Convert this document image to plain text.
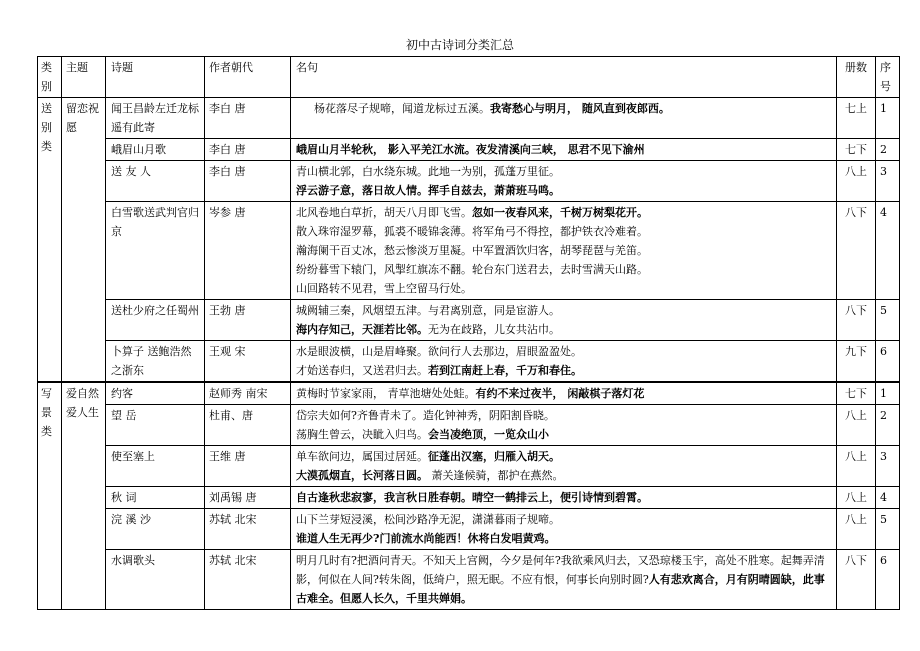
初中古诗词分类汇总
类别	主题	诗题	作者朝代	名句	册数	序号
送别类	留恋祝愿	闻王昌龄左迁龙标遥有此寄	李白 唐	杨花落尽子规啼，闻道龙标过五溪。我寄愁心与明月， 随风直到夜郎西。	七上	1
		峨眉山月歌	李白 唐	峨眉山月半轮秋， 影入平羌江水流。夜发清溪向三峡， 思君不见下渝州	七下	2
		送 友 人	李白 唐	青山横北郭，白水绕东城。此地一为别，孤蓬万里征。
浮云游子意，落日故人情。挥手自兹去，萧萧班马鸣。	八上	3
		白雪歌送武判官归京	岑参 唐	北风卷地白草折，胡天八月即飞雪。忽如一夜春风来，千树万树梨花开。
散入珠帘湿罗幕，狐裘不暖锦衾薄。将军角弓不得控，都护铁衣冷难着。
瀚海阑干百丈冰，愁云惨淡万里凝。中军置酒饮归客，胡琴琵琶与羌笛。
纷纷暮雪下辕门，风掣红旗冻不翻。轮台东门送君去，去时雪满天山路。
山回路转不见君，雪上空留马行处。	八下	4
		送杜少府之任蜀州	王勃 唐	城阙辅三秦，风烟望五津。与君离别意，同是宦游人。
海内存知己，天涯若比邻。无为在歧路，儿女共沾巾。	八下	5
		卜算子 送鲍浩然之浙东	王观 宋	水是眼波横，山是眉峰聚。欲问行人去那边，眉眼盈盈处。
才始送春归，又送君归去。若到江南赶上春，千万和春住。	九下	6
写景类	爱自然爱人生	约客	赵师秀 南宋	黄梅时节家家雨， 青草池塘处处蛙。有约不来过夜半， 闲敲棋子落灯花	七下	1
		望 岳	杜甫、唐	岱宗夫如何?齐鲁青未了。造化钟神秀，阴阳割昏晓。
荡胸生曾云，决眦入归鸟。会当凌绝顶，一览众山小	八上	2
		使至塞上	王维 唐	单车欲问边，属国过居延。征蓬出汉塞，归雁入胡天。
大漠孤烟直，长河落日圆。 萧关逢候骑，都护在燕然。	八上	3
		秋 词	刘禹锡 唐	自古逢秋悲寂寥，我言秋日胜春朝。晴空一鹤排云上，便引诗情到碧霄。	八上	4
		浣 溪 沙	苏轼 北宋	山下兰芽短浸溪，松间沙路净无泥，潇潇暮雨子规啼。
谁道人生无再少?门前流水尚能西！休将白发唱黄鸡。	八上	5
		水调歌头	苏轼 北宋	明月几时有?把酒问青天。不知天上宫阙，今夕是何年?我欲乘风归去，又恐琼楼玉宇，高处不胜寒。起舞弄清影，何似在人间?转朱阁，低绮户，照无眠。不应有恨，何事长向别时圆?人有悲欢离合，月有阴晴圆缺，此事古难全。但愿人长久，千里共婵娟。	八下	6
